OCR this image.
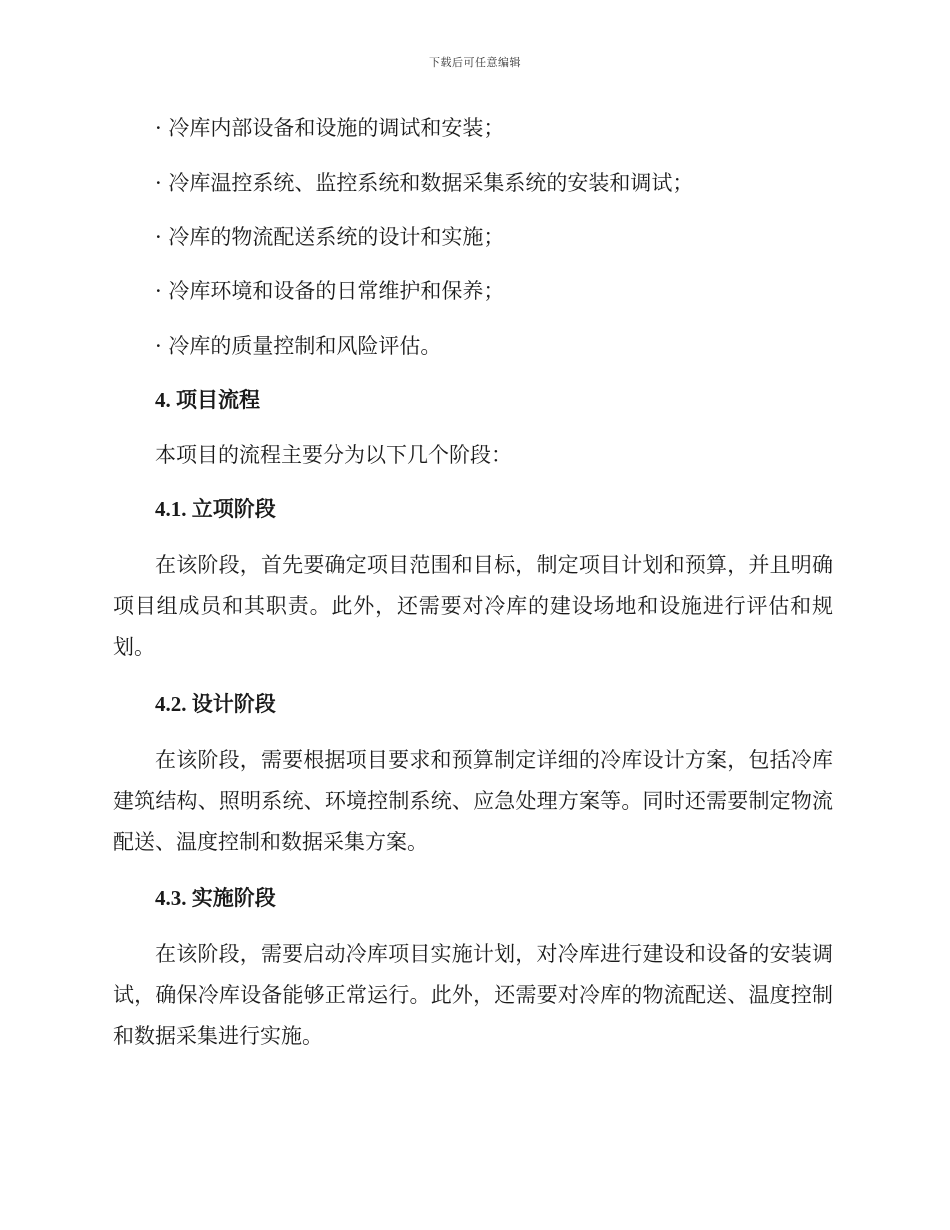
下载后可任意编辑
· 冷库内部设备和设施的调试和安装；
· 冷库温控系统、监控系统和数据采集系统的安装和调试；
· 冷库的物流配送系统的设计和实施；
· 冷库环境和设备的日常维护和保养；
· 冷库的质量控制和风险评估。
4. 项目流程
本项目的流程主要分为以下几个阶段：
4.1. 立项阶段
在该阶段，首先要确定项目范围和目标，制定项目计划和预算，并且明确项目组成员和其职责。此外，还需要对冷库的建设场地和设施进行评估和规划。
4.2. 设计阶段
在该阶段，需要根据项目要求和预算制定详细的冷库设计方案，包括冷库建筑结构、照明系统、环境控制系统、应急处理方案等。同时还需要制定物流配送、温度控制和数据采集方案。
4.3. 实施阶段
在该阶段，需要启动冷库项目实施计划，对冷库进行建设和设备的安装调试，确保冷库设备能够正常运行。此外，还需要对冷库的物流配送、温度控制和数据采集进行实施。
